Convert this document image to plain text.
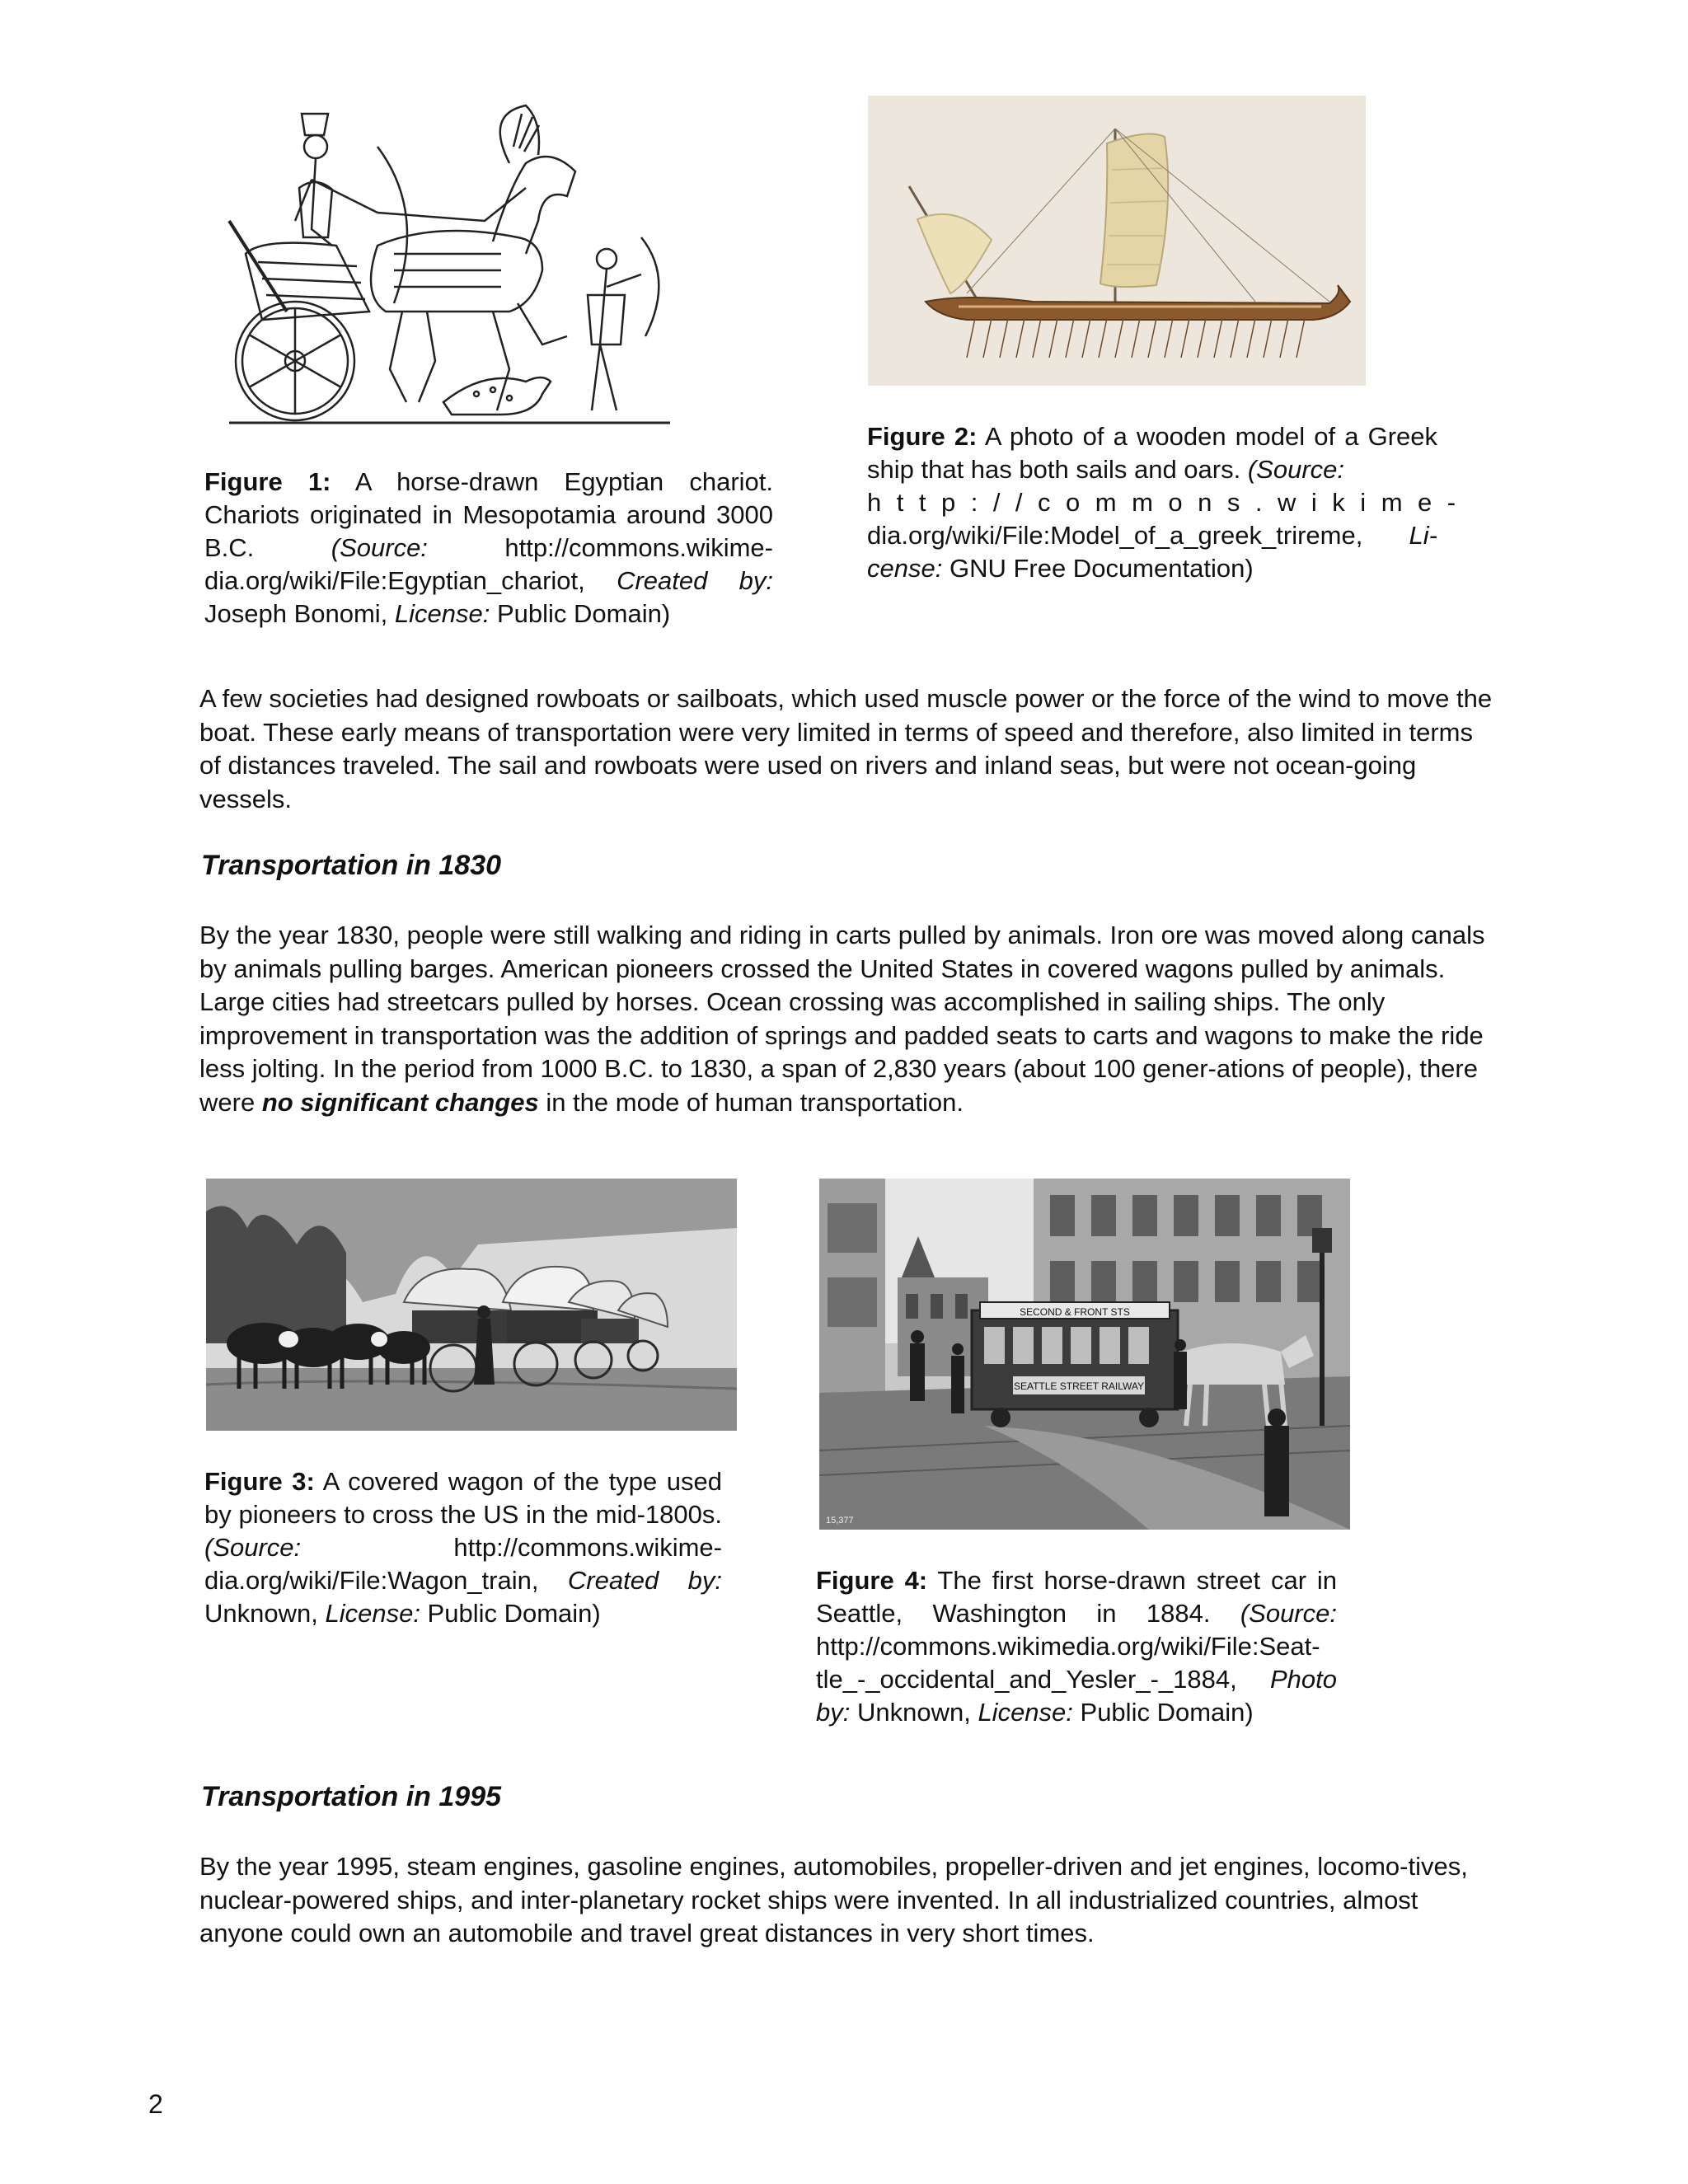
Figure 1: A horse-drawn Egyptian chariot. Chariots originated in Mesopotamia around 3000 B.C. (Source: http://commons.wikime-dia.org/wiki/File:Egyptian_chariot, Created by: Joseph Bonomi, License: Public Domain)
Figure 2: A photo of a wooden model of a Greek ship that has both sails and oars. (Source:
http://commons.wikime-
dia.org/wiki/File:Model_of_a_greek_trireme, Li-cense: GNU Free Documentation)
A few societies had designed rowboats or sailboats, which used muscle power or the force of the wind to move the boat. These early means of transportation were very limited in terms of speed and therefore, also limited in terms of distances traveled. The sail and rowboats were used on rivers and inland seas, but were not ocean-going vessels.
Transportation in 1830
By the year 1830, people were still walking and riding in carts pulled by animals. Iron ore was moved along canals by animals pulling barges. American pioneers crossed the United States in covered wagons pulled by animals. Large cities had streetcars pulled by horses. Ocean crossing was accomplished in sailing ships. The only improvement in transportation was the addition of springs and padded seats to carts and wagons to make the ride less jolting. In the period from 1000 B.C. to 1830, a span of 2,830 years (about 100 gener-ations of people), there were no significant changes in the mode of human transportation.
SECOND & FRONT STS
SEATTLE STREET RAILWAY
15,377
Figure 3: A covered wagon of the type used by pioneers to cross the US in the mid-1800s. (Source: http://commons.wikime-dia.org/wiki/File:Wagon_train, Created by: Unknown, License: Public Domain)
Figure 4: The first horse-drawn street car in Seattle, Washington in 1884. (Source: http://commons.wikimedia.org/wiki/File:Seat-tle_-_occidental_and_Yesler_-_1884, Photo by: Unknown, License: Public Domain)
Transportation in 1995
By the year 1995, steam engines, gasoline engines, automobiles, propeller-driven and jet engines, locomo-tives, nuclear-powered ships, and inter-planetary rocket ships were invented. In all industrialized countries, almost anyone could own an automobile and travel great distances in very short times.
2
